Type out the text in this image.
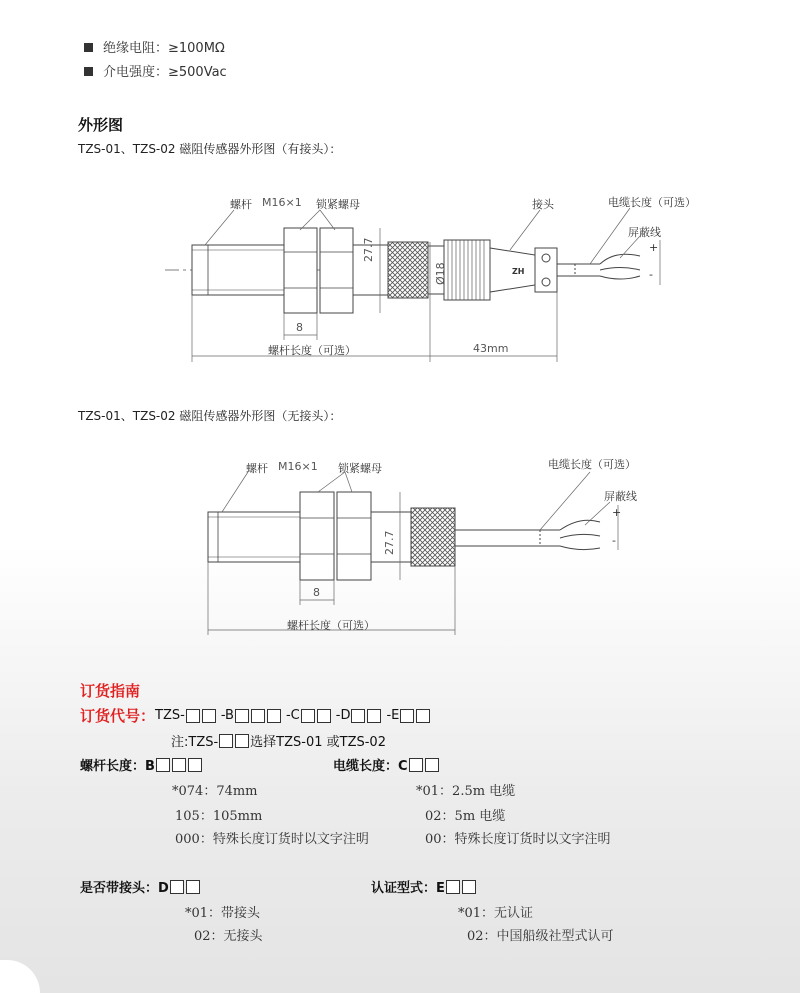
绝缘电阻：≥100MΩ
介电强度：≥500Vac
外形图
TZS-01、TZS-02 磁阻传感器外形图（有接头）：
ZH
螺杆 M16×1 锁紧螺母	接头	电缆长度（可选）
屏蔽线
+
-
27.7
Ø18
8
螺杆长度（可选）	43mm
TZS-01、TZS-02 磁阻传感器外形图（无接头）：
螺杆 M16×1 锁紧螺母	电缆长度（可选）
屏蔽线
+
-
27.7
8
螺杆长度（可选）
订货指南
订货代号： TZS-	-B	-C	-D	-E
注:TZS- 选择TZS-01 或TZS-02
螺杆长度：B
*074：74mm
105：105mm
000：特殊长度订货时以文字注明
电缆长度：C
*01：2.5m 电缆
02：5m 电缆
00：特殊长度订货时以文字注明
是否带接头：D
*01：带接头
02：无接头
认证型式：E
*01：无认证
02：中国船级社型式认可
